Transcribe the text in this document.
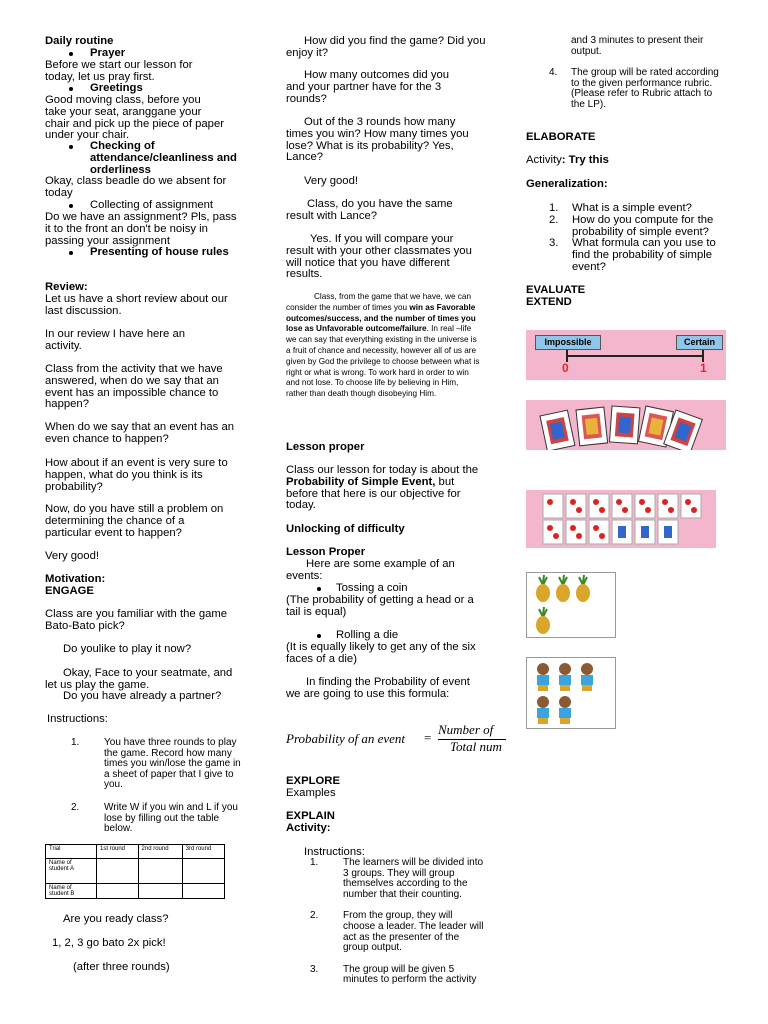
Daily routine

Prayer

Before we start our lesson for today, let us pray first.

Greetings

Good moving class, before you take your seat, aranggane your chair and pick up the piece of paper under your chair.

Checking of attendance/cleanliness and orderliness

Okay, class beadle do we absent for today

Collecting of assignment

Do we have an assignment? Pls, pass it to the front an don't be noisy in passing your assignment

Presenting of house rules

Review:

Let us have a short review about our last discussion.

In our review I have here an activity.

Class from the activity that we have answered, when do we say that an event has an impossible chance to happen?

When do we say that an event has an even chance to happen?

How about if an event is very sure to happen, what do you think is its probability?

Now, do you have still a problem on determining the chance of a particular event to happen?

Very good!

Motivation:

ENGAGE

Class are you familiar with the game Bato-Bato pick?

Do youlike to play it now?

Okay, Face to your seatmate, and let us play the game.

Do you have already a partner?

Instructions:

1. You have three rounds to play the game. Record how many times you win/lose the game in a sheet of paper that I give to you.
2. Write W if you win and L if you lose by filling out the table below.
Trial	1st round	2nd round	3rd round
Name of student A			
Name of student B			

Are you ready class?

1, 2, 3 go bato 2x pick!

(after three rounds)

How did you find the game? Did you enjoy it?

How many outcomes did you and your partner have for the 3 rounds?

Out of the 3 rounds how many times you win? How many times you lose? What is its probability? Yes, Lance?

Very good!

Class, do you have the same result with Lance?

Yes. If you will compare your result with your other classmates you will notice that you have different results.

Class, from the game that we have, we can consider the number of times you win as Favorable outcomes/success, and the number of times you lose as Unfavorable outcome/failure. In real –life we can say that everything existing in the universe is a fruit of chance and necessity, however all of us are given by God the privilege to choose between what is right or what is wrong. To work hard in order to win and not lose. To choose life by believing in Him, rather than death though disobeying Him.

Lesson proper

Class our lesson for today is about the Probability of Simple Event, but before that here is our objective for today.

Unlocking of difficulty

Lesson Proper

Here are some example of an events:

Tossing a coin

(The probability of getting a head or a tail is equal)

Rolling a die

(It is equally likely to get any of the six faces of a die)

In finding the Probability of event we are going to use this formula:

Probability of an event =
Number of
Total num

EXPLORE

Examples

EXPLAIN

Activity:

Instructions:

1. The learners will be divided into 3 groups. They will group themselves according to the number that their counting.
2. From the group, they will choose a leader. The leader will act as the presenter of the group output.
3. The group will be given 5 minutes to perform the activity

and 3 minutes to present their output.

4. The group will be rated according to the given performance rubric. (Please refer to Rubric attach to the LP).

ELABORATE

Activity: Try this

Generalization:

1. What is a simple event?
2. How do you compute for the probability of simple event?
3. What formula can you use to find the probability of simple event?

EVALUATE

EXTEND

Impossible	Certain
0	1
